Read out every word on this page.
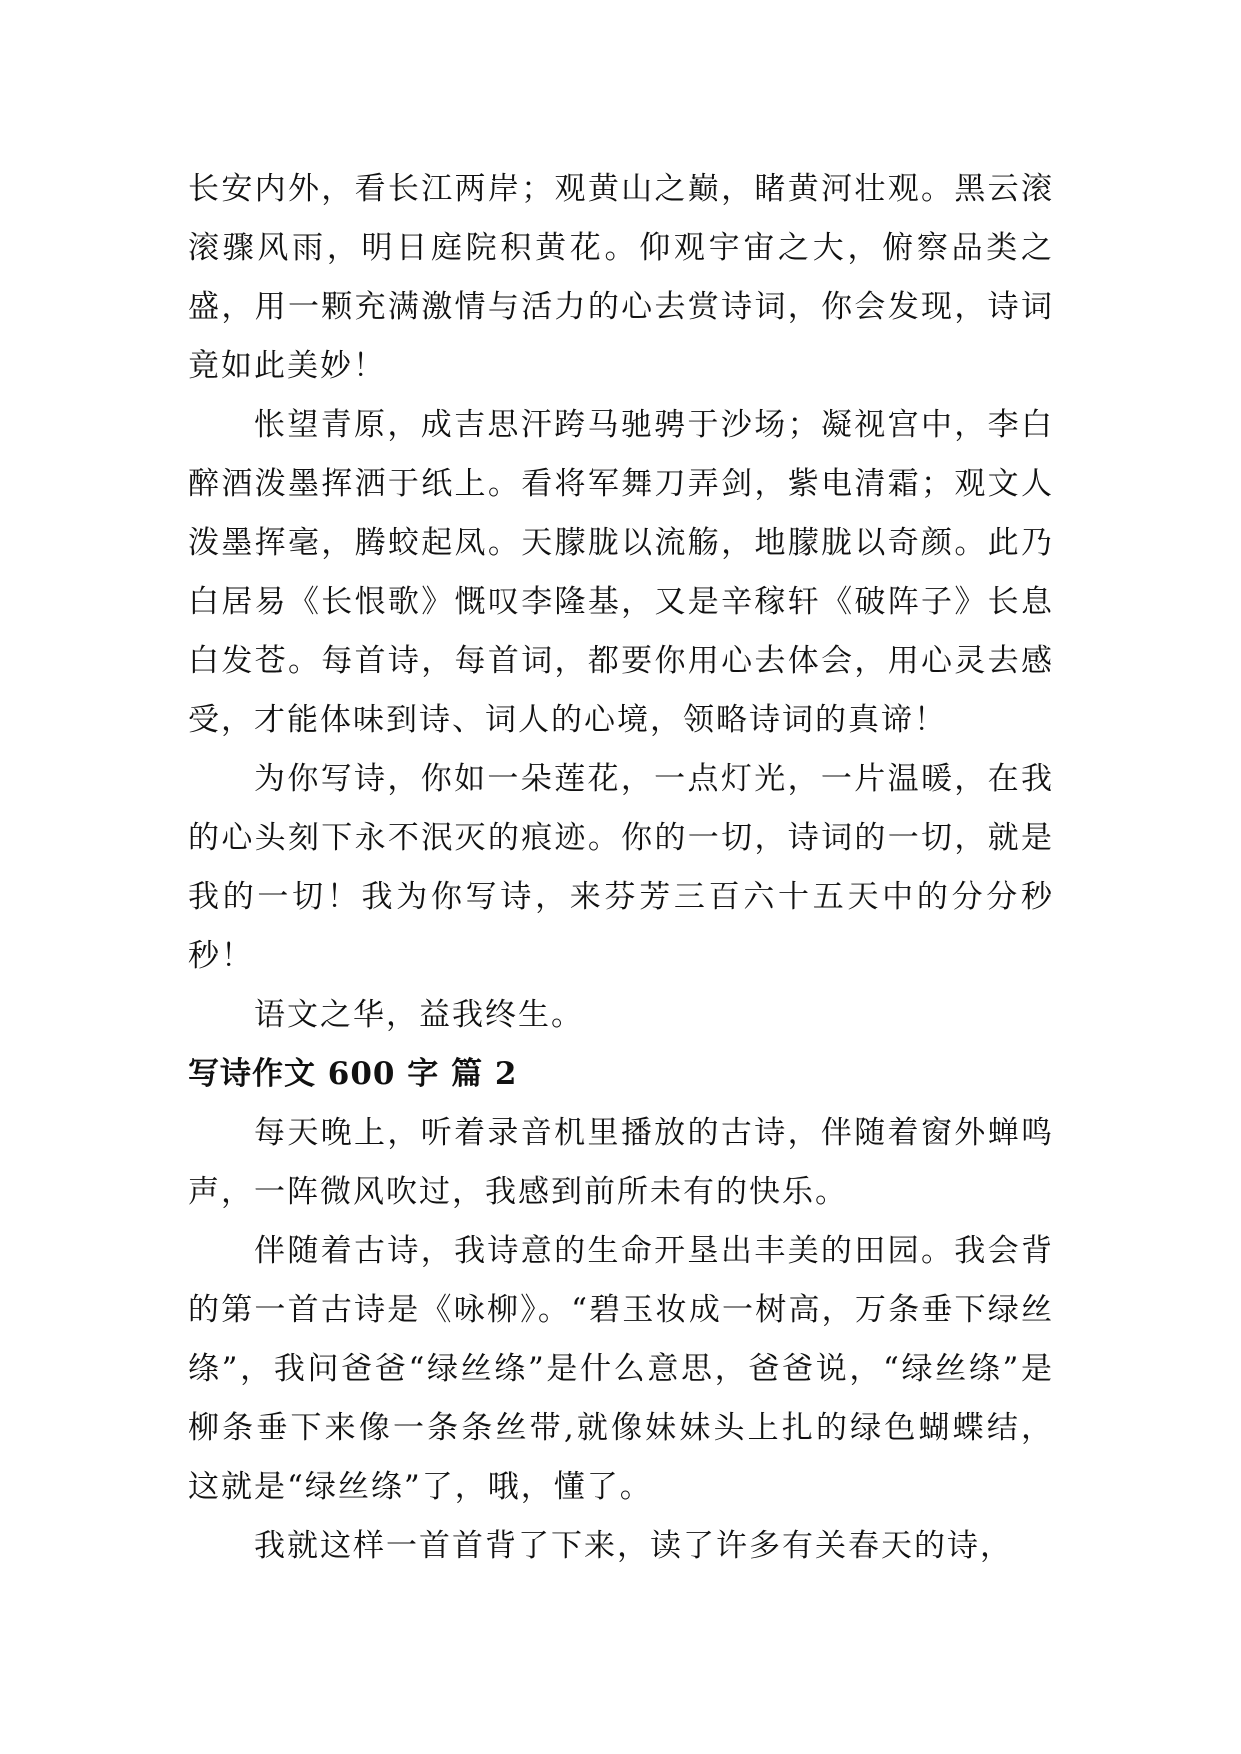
长安内外，看长江两岸；观黄山之巅，睹黄河壮观。黑云滚滚骤风雨，明日庭院积黄花。仰观宇宙之大，俯察品类之盛，用一颗充满激情与活力的心去赏诗词，你会发现，诗词竟如此美妙！

怅望青原，成吉思汗跨马驰骋于沙场；凝视宫中，李白醉酒泼墨挥洒于纸上。看将军舞刀弄剑，紫电清霜；观文人泼墨挥毫，腾蛟起凤。天朦胧以流觞，地朦胧以奇颜。此乃白居易《长恨歌》慨叹李隆基，又是辛稼轩《破阵子》长息白发苍。每首诗，每首词，都要你用心去体会，用心灵去感受，才能体味到诗、词人的心境，领略诗词的真谛！

为你写诗，你如一朵莲花，一点灯光，一片温暖，在我的心头刻下永不泯灭的痕迹。你的一切，诗词的一切，就是我的一切！我为你写诗，来芬芳三百六十五天中的分分秒秒！

语文之华，益我终生。

写诗作文 600 字 篇 2

每天晚上，听着录音机里播放的古诗，伴随着窗外蝉鸣声，一阵微风吹过，我感到前所未有的快乐。

伴随着古诗，我诗意的生命开垦出丰美的田园。我会背的第一首古诗是《咏柳》。“碧玉妆成一树高，万条垂下绿丝绦”，我问爸爸“绿丝绦”是什么意思，爸爸说，“绿丝绦”是柳条垂下来像一条条丝带,就像妹妹头上扎的绿色蝴蝶结，这就是“绿丝绦”了，哦，懂了。

我就这样一首首背了下来，读了许多有关春天的诗，
